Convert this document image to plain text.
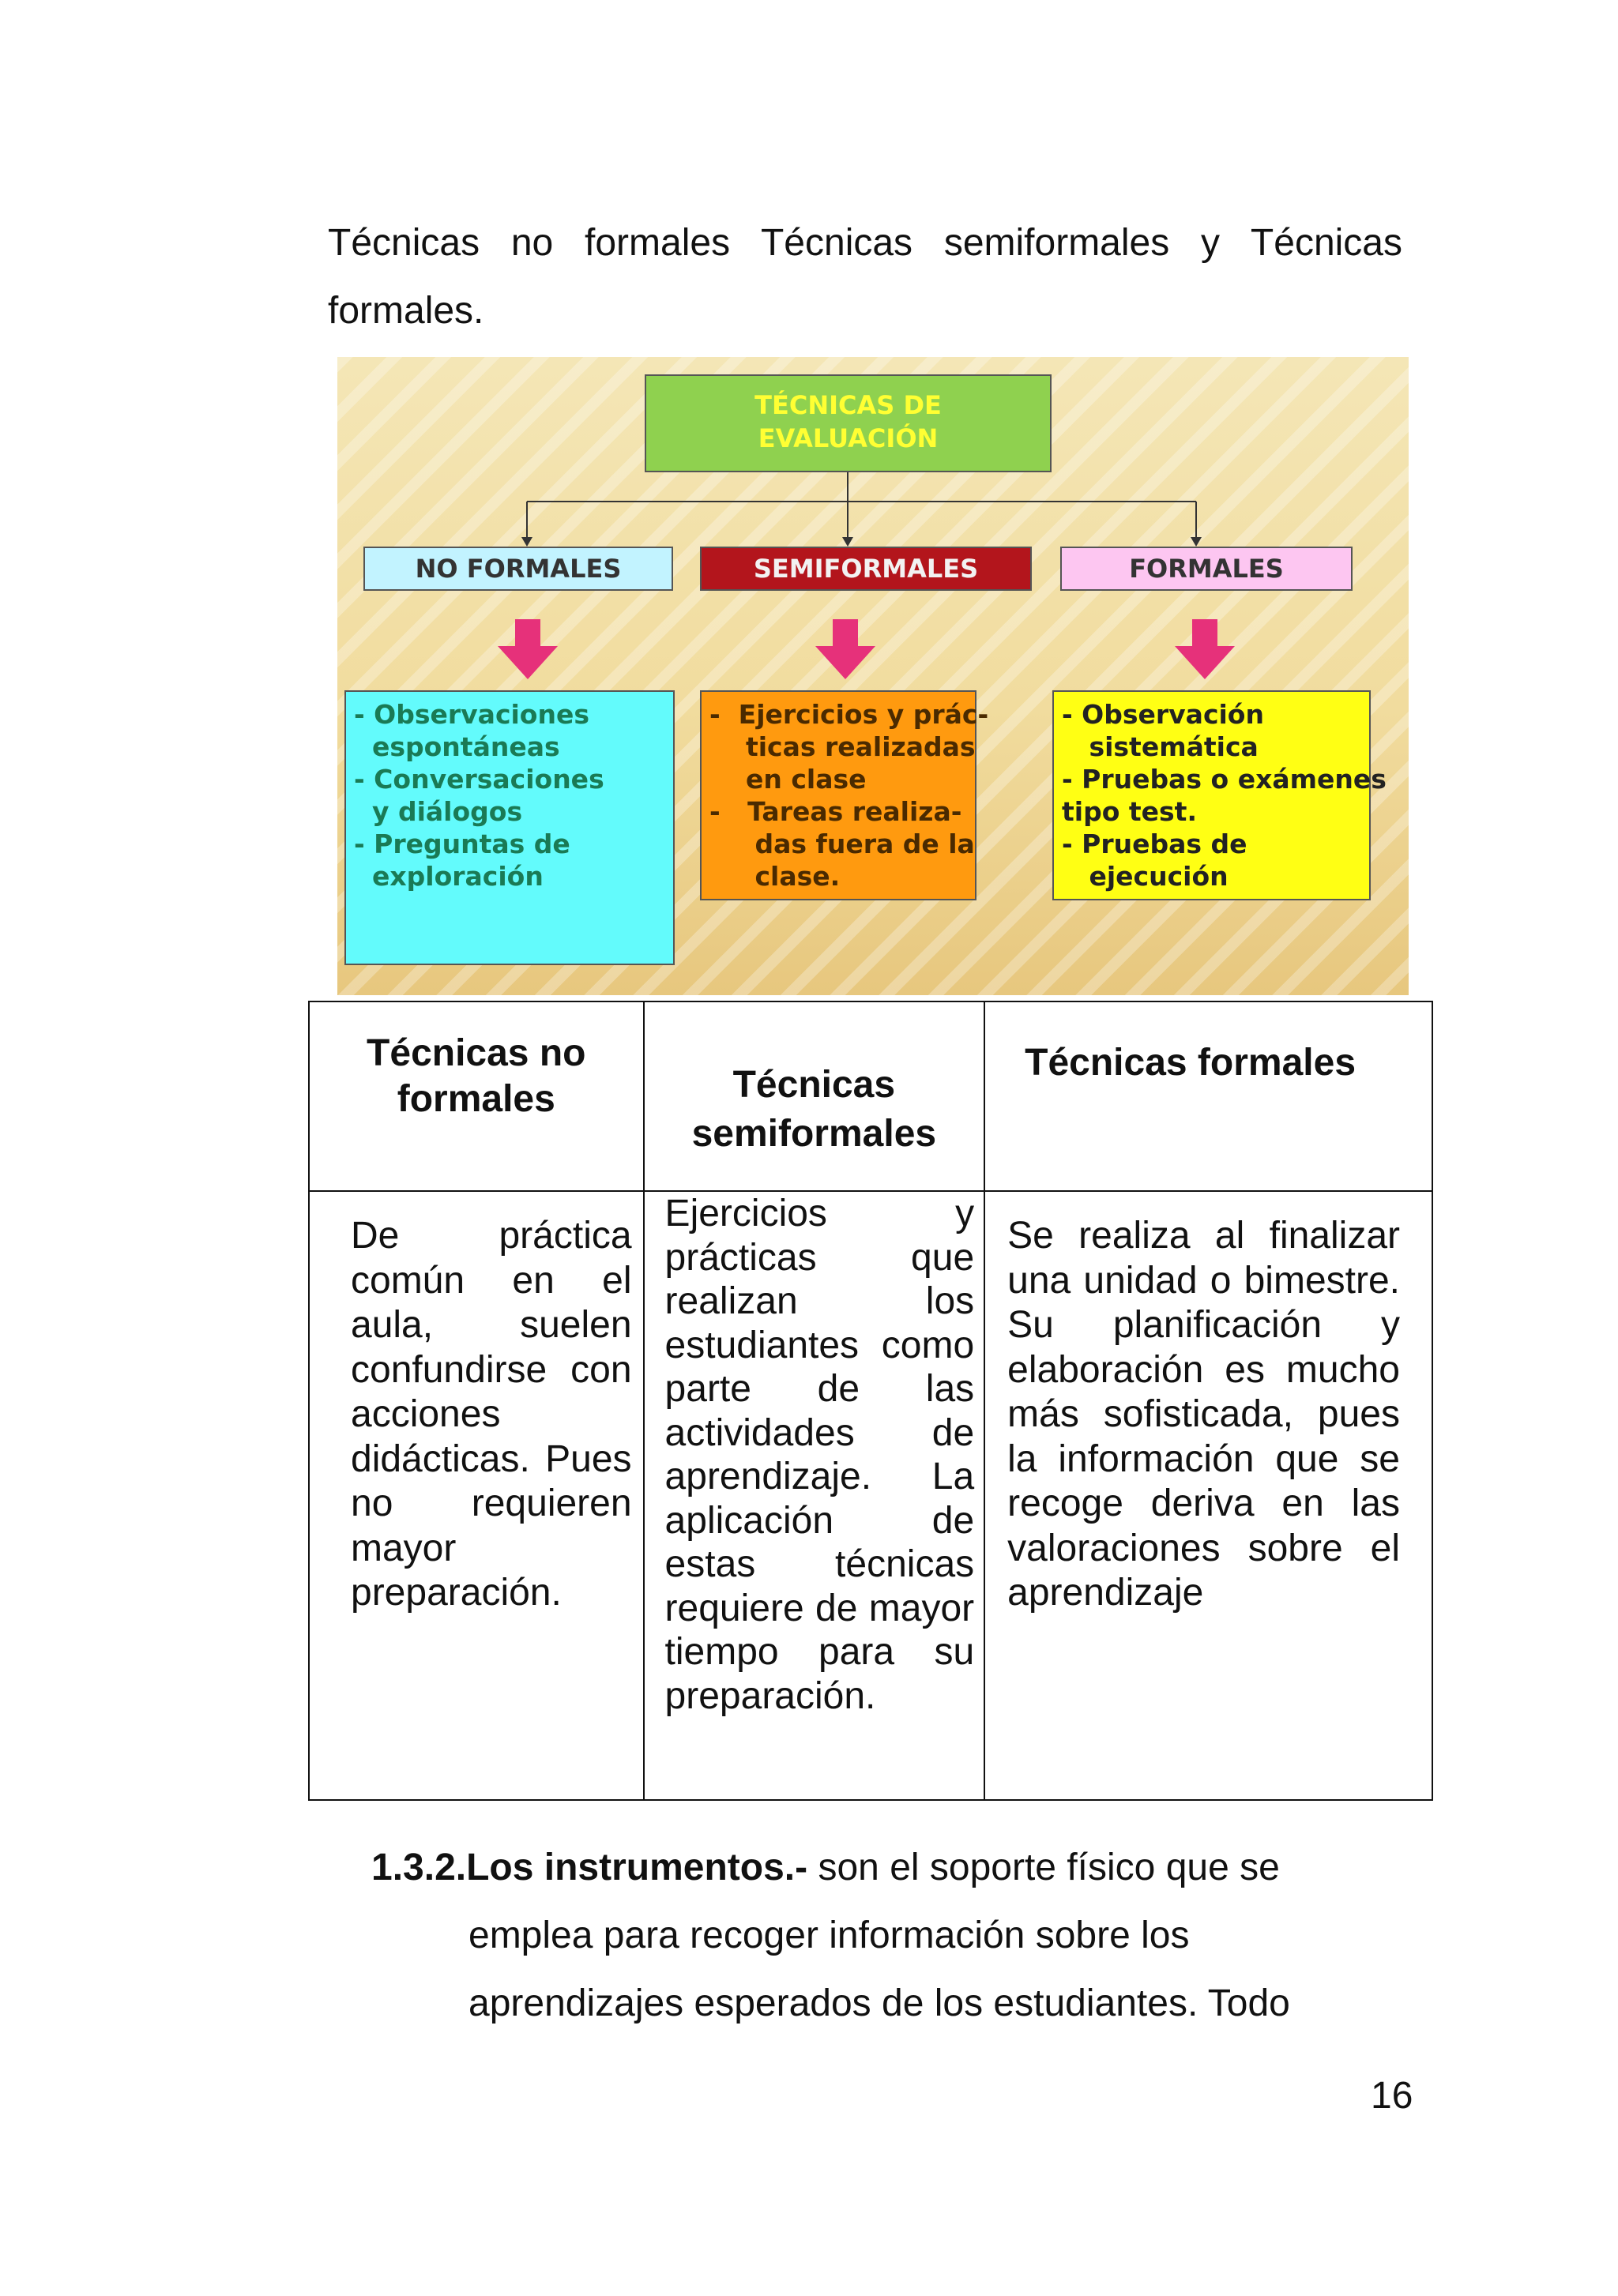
Técnicas no formales Técnicas semiformales y Técnicas formales.
TÉCNICAS DE
EVALUACIÓN
NO FORMALES	SEMIFORMALES	FORMALES
- Observaciones
espontáneas
- Conversaciones
y diálogos
- Preguntas de
exploración
-  Ejercicios y prác-
ticas realizadas
en clase
-   Tareas realiza-
das fuera de la
clase.
- Observación
sistemática
- Pruebas o exámenes
tipo test.
- Pruebas de
ejecución
Técnicas no formales	Técnicas semiformales	Técnicas formales
De práctica común en el aula, suelen confundirse con acciones didácticas. Pues no requieren mayor preparación.	Ejercicios y prácticas que realizan los estudiantes como parte de las actividades de aprendizaje. La aplicación de estas técnicas requiere de mayor tiempo para su preparación.	Se realiza al finalizar una unidad o bimestre. Su planificación y elaboración es mucho más sofisticada, pues la información que se recoge deriva en las valoraciones sobre el aprendizaje
1.3.2.Los instrumentos.- son el soporte físico que se
emplea para recoger información sobre los
aprendizajes esperados de los estudiantes. Todo
16
